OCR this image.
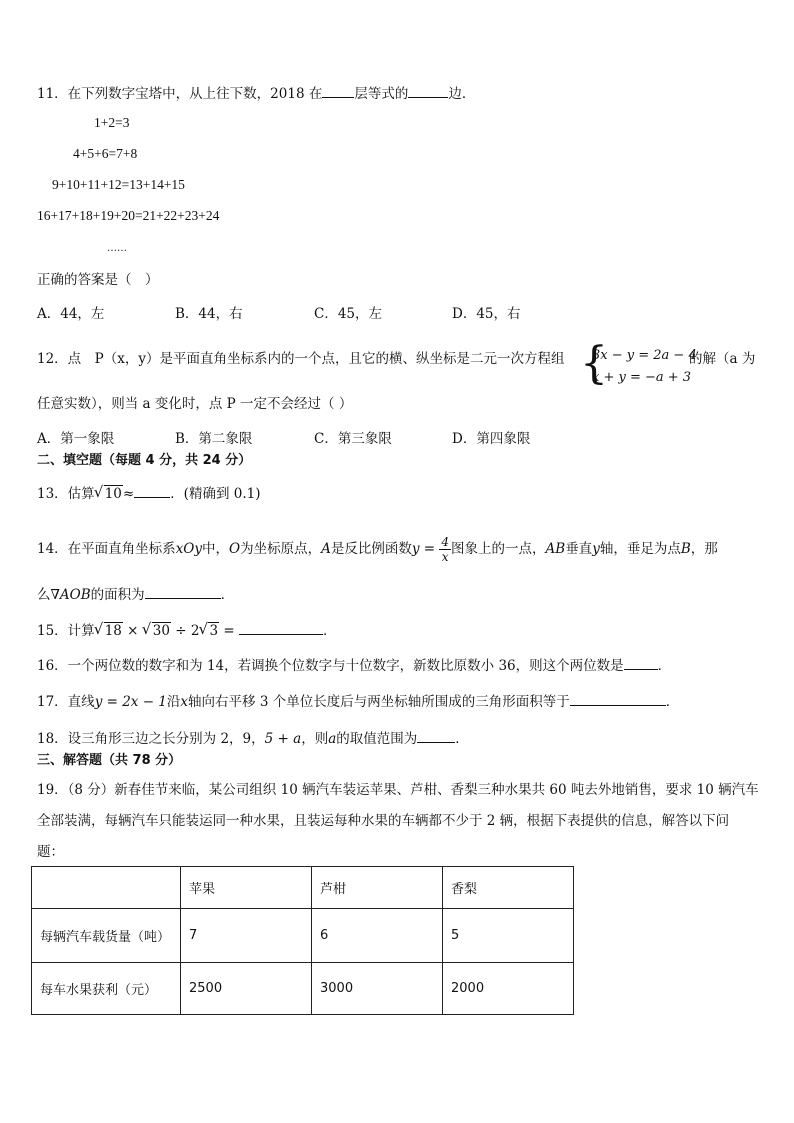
11．在下列数字宝塔中，从上往下数，2018 在 层等式的	边．
1+2=3
4+5+6=7+8
9+10+11+12=13+14+15
16+17+18+19+20=21+22+23+24
……
正确的答案是（　）
A．44，左	B．44，右	C．45，左	D．45，右
12．点　P（x，y）是平面直角坐标系内的一个点，且它的横、纵坐标是二元一次方程组 {
3x − y = 2a − 4
x + y = −a + 3
的解（a 为
任意实数），则当 a 变化时，点 P 一定不会经过（ ）
A．第一象限	B．第二象限	C．第三象限	D．第四象限
二、填空题（每题 4 分，共 24 分）
13．估算 √ 10≈	．(精确到 0.1)
14．在平面直角坐标系xOy中，O为坐标原点，A是反比例函数$y = \frac{4}{x}$ 图象上的一点，AB垂直y轴，垂足为点B，那
么∇AOB的面积为	．
15．计算 √ 18 × √ 30 ÷ 2 √ 3 =	．
16．一个两位数的数字和为 14，若调换个位数字与十位数字，新数比原数小 36，则这个两位数是	．
17．直线y = 2x − 1沿x轴向右平移 3 个单位长度后与两坐标轴所围成的三角形面积等于	．
18．设三角形三边之长分别为 2，9，5 + a，则a的取值范围为	．
三、解答题（共 78 分）
19．（8 分）新春佳节来临，某公司组织 10 辆汽车装运苹果、芦柑、香梨三种水果共 60 吨去外地销售，要求 10 辆汽车
全部装满，每辆汽车只能装运同一种水果，且装运每种水果的车辆都不少于 2 辆，根据下表提供的信息，解答以下问
题：
	苹果	芦柑	香梨
每辆汽车载货量（吨）	7	6	5
每车水果获利（元）	2500	3000	2000
